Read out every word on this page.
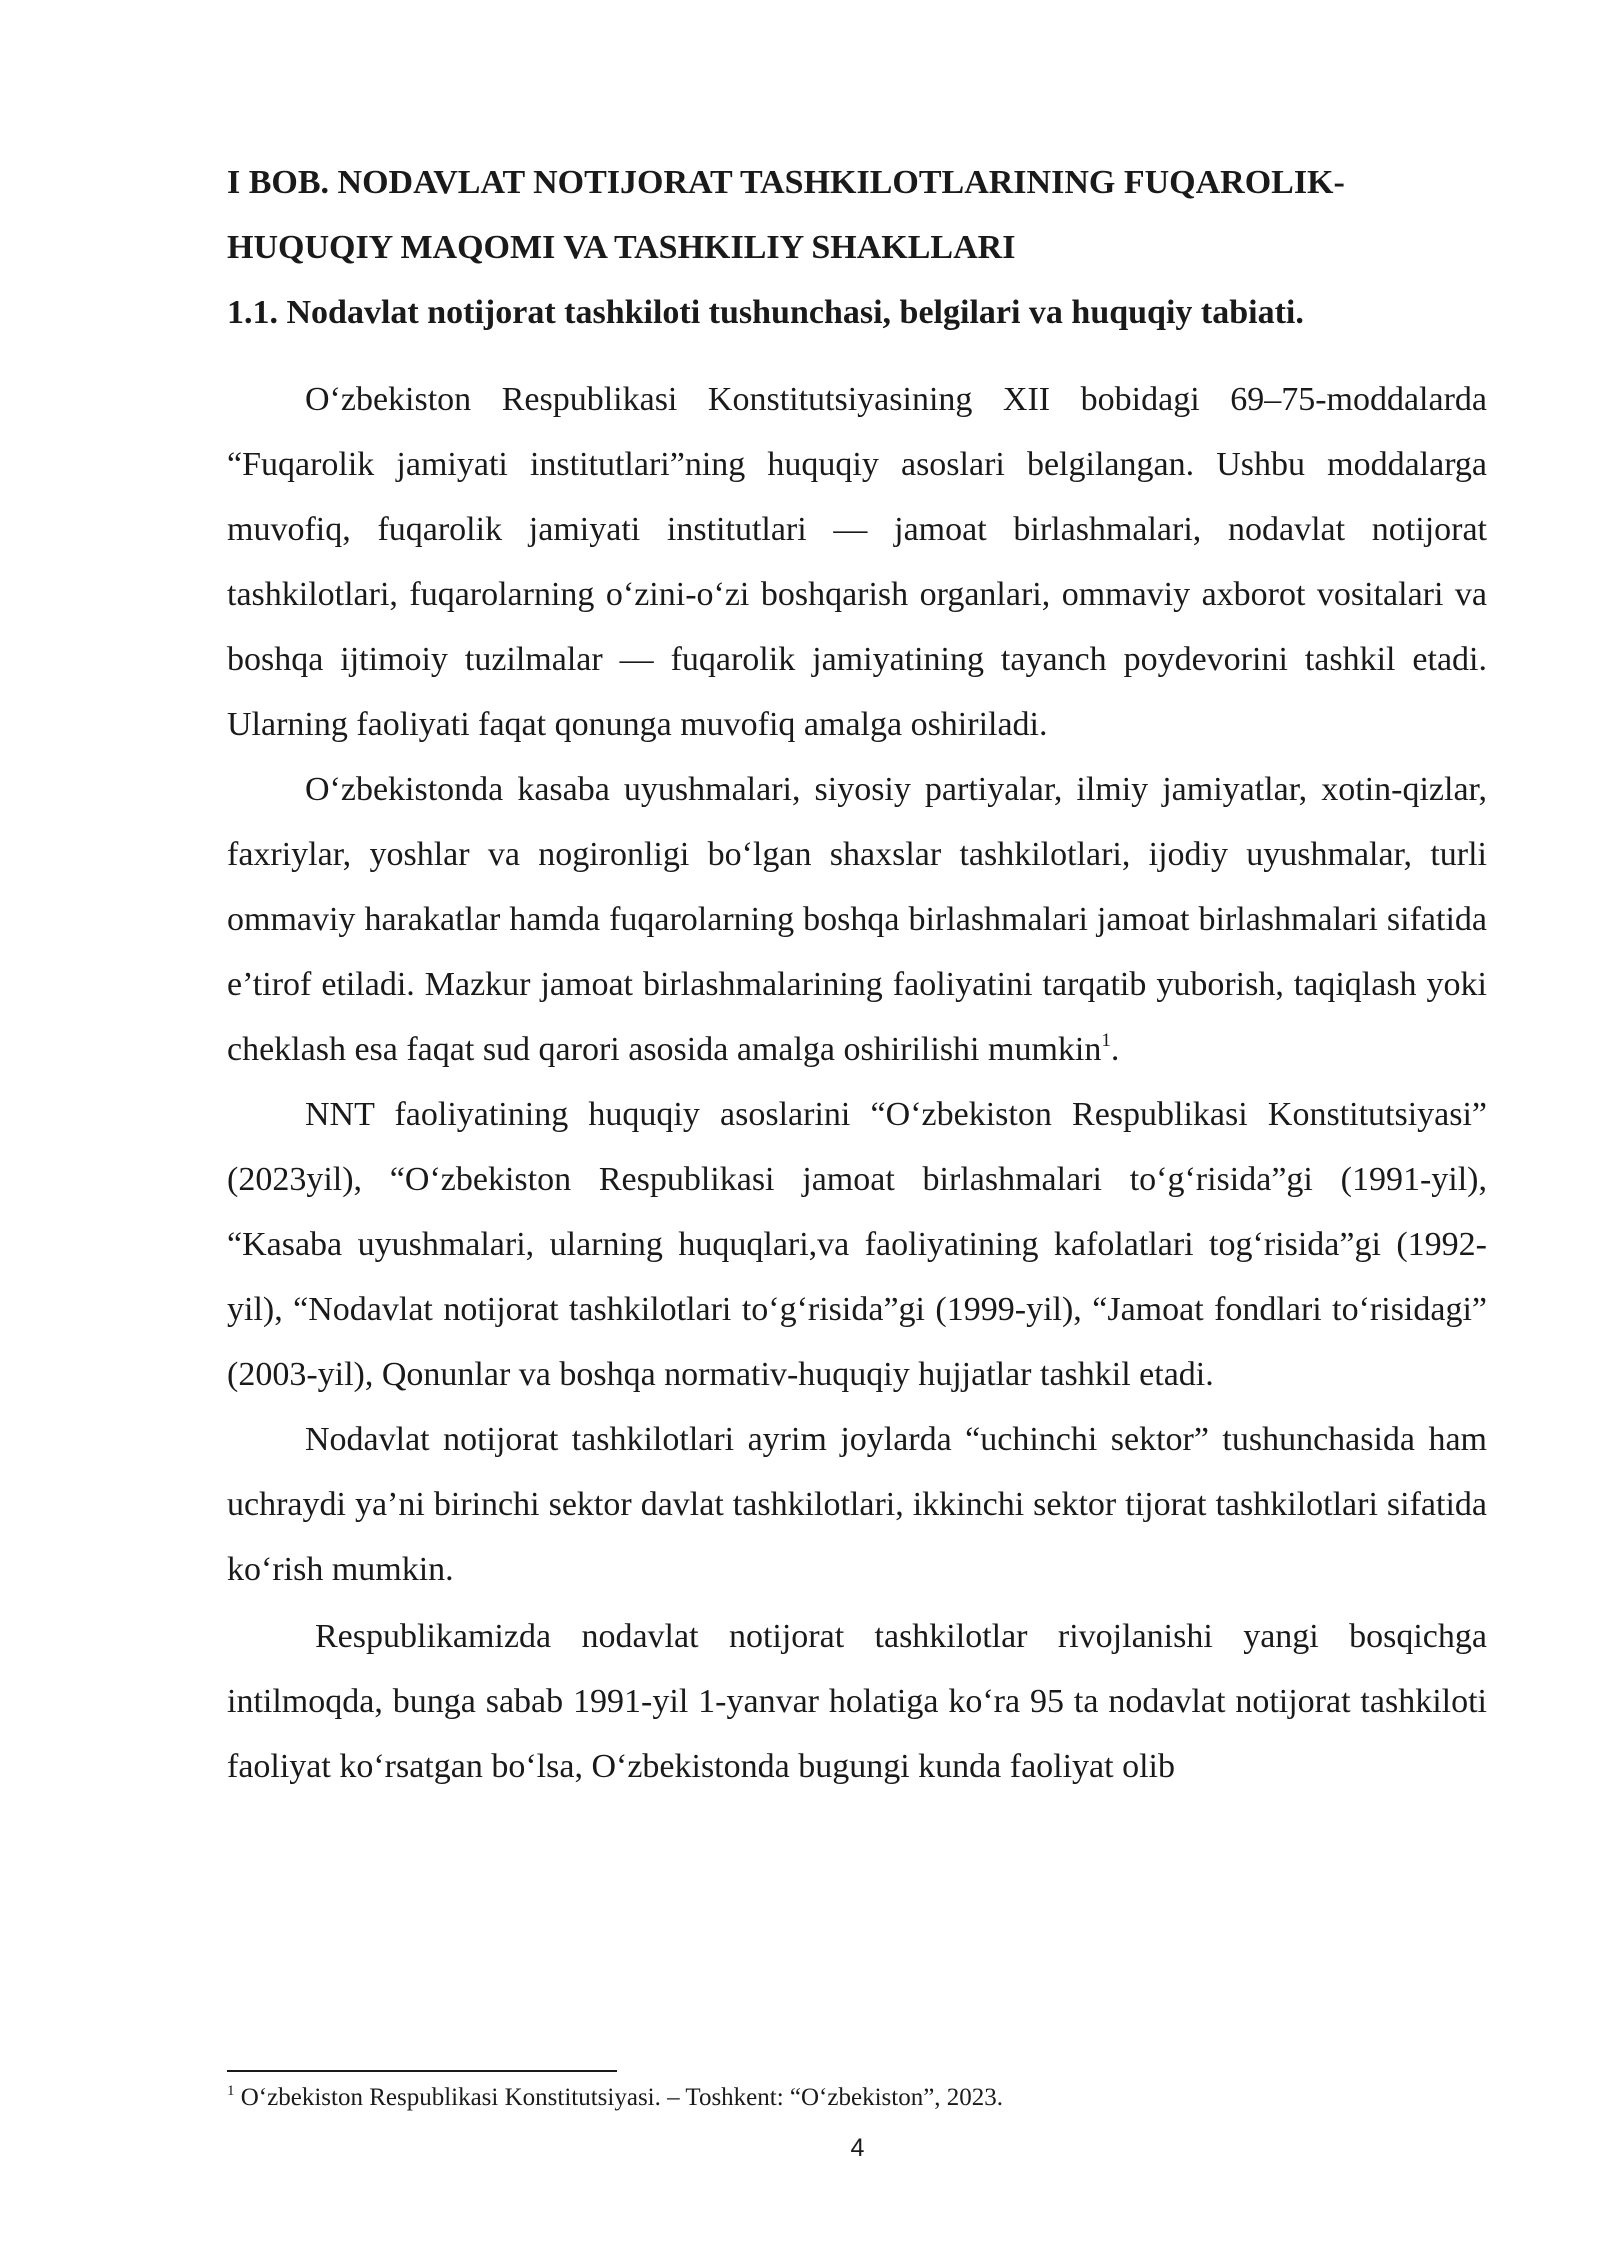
I BOB. NODAVLAT NOTIJORAT TASHKILOTLARINING FUQAROLIK-HUQUQIY MAQOMI VA TASHKILIY SHAKLLARI

1.1. Nodavlat notijorat tashkiloti tushunchasi, belgilari va huquqiy tabiati.

O‘zbekiston Respublikasi Konstitutsiyasining XII bobidagi 69–75-moddalarda “Fuqarolik jamiyati institutlari”ning huquqiy asoslari belgilangan. Ushbu moddalarga muvofiq, fuqarolik jamiyati institutlari — jamoat birlashmalari, nodavlat notijorat tashkilotlari, fuqarolarning o‘zini-o‘zi boshqarish organlari, ommaviy axborot vositalari va boshqa ijtimoiy tuzilmalar — fuqarolik jamiyatining tayanch poydevorini tashkil etadi. Ularning faoliyati faqat qonunga muvofiq amalga oshiriladi.

O‘zbekistonda kasaba uyushmalari, siyosiy partiyalar, ilmiy jamiyatlar, xotin-qizlar, faxriylar, yoshlar va nogironligi bo‘lgan shaxslar tashkilotlari, ijodiy uyushmalar, turli ommaviy harakatlar hamda fuqarolarning boshqa birlashmalari jamoat birlashmalari sifatida e’tirof etiladi. Mazkur jamoat birlashmalarining faoliyatini tarqatib yuborish, taqiqlash yoki cheklash esa faqat sud qarori asosida amalga oshirilishi mumkin$^1$.

NNT faoliyatining huquqiy asoslarini “O‘zbekiston Respublikasi Konstitutsiyasi” (2023yil), “O‘zbekiston Respublikasi jamoat birlashmalari to‘g‘risida”gi (1991-yil), “Kasaba uyushmalari, ularning huquqlari,va faoliyatining kafolatlari tog‘risida”gi (1992-yil), “Nodavlat notijorat tashkilotlari to‘g‘risida”gi (1999-yil), “Jamoat fondlari to‘risidagi” (2003-yil), Qonunlar va boshqa normativ-huquqiy hujjatlar tashkil etadi.

Nodavlat notijorat tashkilotlari ayrim joylarda “uchinchi sektor” tushunchasida ham uchraydi ya’ni birinchi sektor davlat tashkilotlari, ikkinchi sektor tijorat tashkilotlari sifatida ko‘rish mumkin.

Respublikamizda nodavlat notijorat tashkilotlar rivojlanishi yangi bosqichga intilmoqda, bunga sabab 1991-yil 1-yanvar holatiga ko‘ra 95 ta nodavlat notijorat tashkiloti faoliyat ko‘rsatgan bo‘lsa, O‘zbekistonda bugungi kunda faoliyat olib

$^1$ O‘zbekiston Respublikasi Konstitutsiyasi. – Toshkent: “O‘zbekiston”, 2023.
4
